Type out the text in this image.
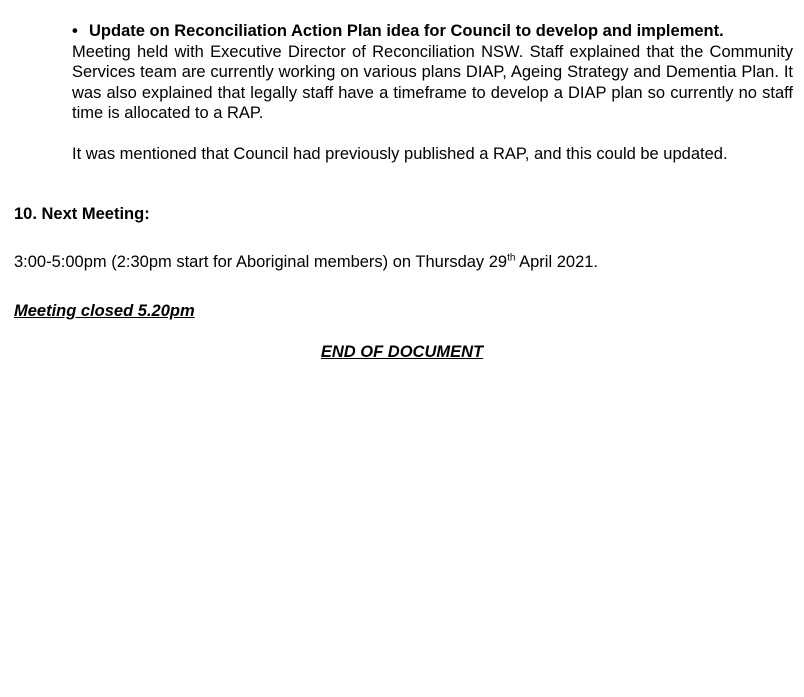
• Update on Reconciliation Action Plan idea for Council to develop and implement.

Meeting held with Executive Director of Reconciliation NSW. Staff explained that the Community Services team are currently working on various plans DIAP, Ageing Strategy and Dementia Plan. It was also explained that legally staff have a timeframe to develop a DIAP plan so currently no staff time is allocated to a RAP.

It was mentioned that Council had previously published a RAP, and this could be updated.

10. Next Meeting:

3:00-5:00pm (2:30pm start for Aboriginal members) on Thursday 29th April 2021.

Meeting closed 5.20pm

END OF DOCUMENT
